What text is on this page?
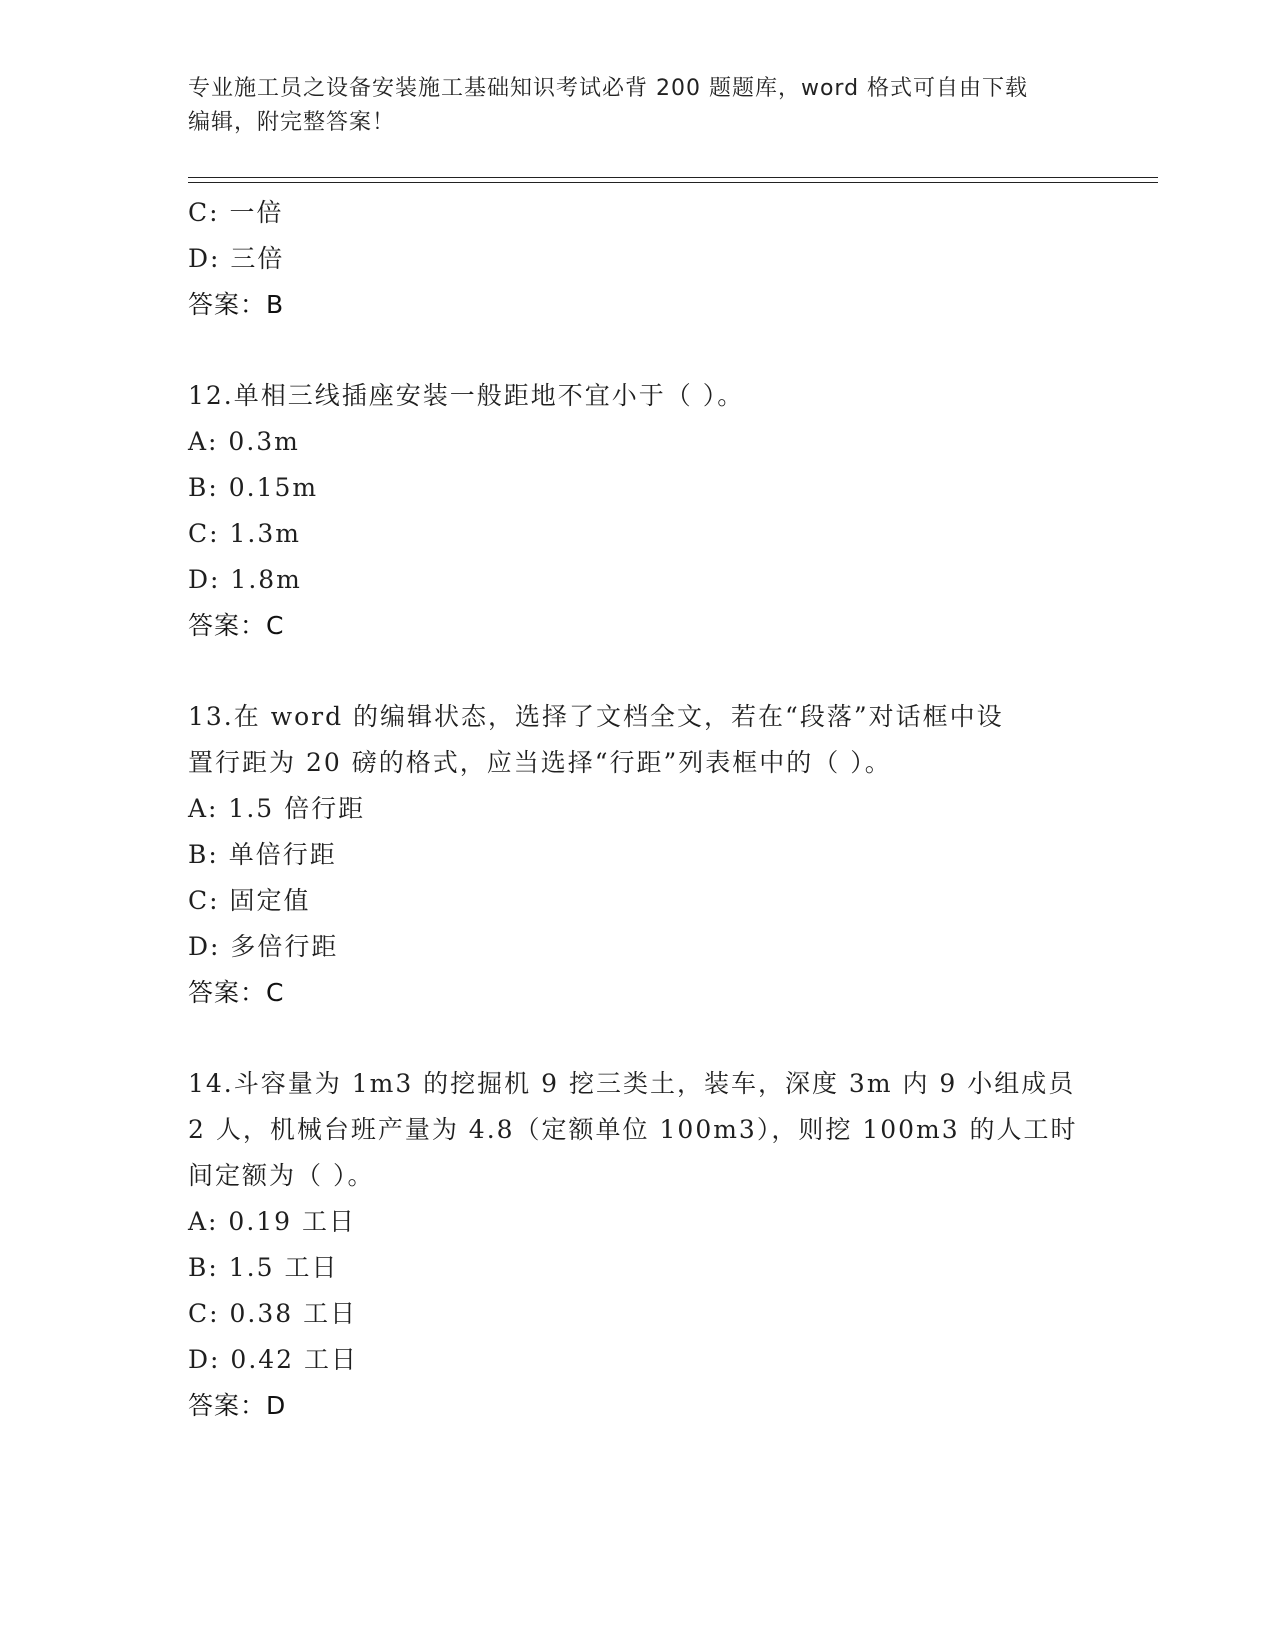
专业施工员之设备安装施工基础知识考试必背 200 题题库，word 格式可自由下载
编辑，附完整答案！
C: 一倍
D: 三倍
答案：B
12.单相三线插座安装一般距地不宜小于（ ）。
A: 0.3m
B: 0.15m
C: 1.3m
D: 1.8m
答案：C
13.在 word 的编辑状态，选择了文档全文，若在“段落”对话框中设
置行距为 20 磅的格式，应当选择“行距”列表框中的（ ）。
A: 1.5 倍行距
B: 单倍行距
C: 固定值
D: 多倍行距
答案：C
14.斗容量为 1m3 的挖掘机 9 挖三类土，装车，深度 3m 内 9 小组成员
2 人，机械台班产量为 4.8（定额单位 100m3），则挖 100m3 的人工时
间定额为（ ）。
A: 0.19 工日
B: 1.5 工日
C: 0.38 工日
D: 0.42 工日
答案：D
